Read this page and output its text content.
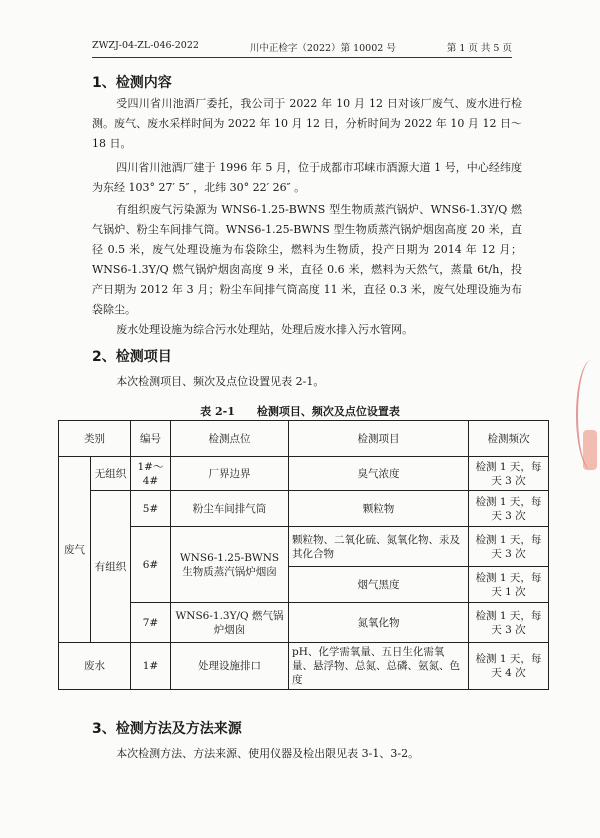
ZWZJ-04-ZL-046-2022	川中正检字（2022）第 10002 号	第 1 页 共 5 页
1、检测内容
受四川省川池酒厂委托，我公司于 2022 年 10 月 12 日对该厂废气、废水进行检测。废气、废水采样时间为 2022 年 10 月 12 日，分析时间为 2022 年 10 月 12 日～18 日。
四川省川池酒厂建于 1996 年 5 月，位于成都市邛崃市酒源大道 1 号，中心经纬度为东经 103° 27′ 5″ ，北纬 30° 22′ 26″ 。
有组织废气污染源为 WNS6-1.25-BWNS 型生物质蒸汽锅炉、WNS6-1.3Y/Q 燃气锅炉、粉尘车间排气筒。WNS6-1.25-BWNS 型生物质蒸汽锅炉烟囱高度 20 米，直径 0.5 米，废气处理设施为布袋除尘，燃料为生物质，投产日期为 2014 年 12 月；WNS6-1.3Y/Q 燃气锅炉烟囱高度 9 米，直径 0.6 米，燃料为天然气，蒸量 6t/h，投产日期为 2012 年 3 月；粉尘车间排气筒高度 11 米，直径 0.3 米，废气处理设施为布袋除尘。
废水处理设施为综合污水处理站，处理后废水排入污水管网。
2、检测项目
本次检测项目、频次及点位设置见表 2-1。
表 2-1　　检测项目、频次及点位设置表
类别		编号	检测点位	检测项目	检测频次
废气	无组织	1#～4#	厂界边界	臭气浓度	检测 1 天，每天 3 次
	有组织	5#	粉尘车间排气筒	颗粒物	检测 1 天，每天 3 次
		6#	WNS6-1.25-BWNS 生物质蒸汽锅炉烟囱	颗粒物、二氧化硫、氮氧化物、汞及其化合物	检测 1 天，每天 3 次
				烟气黑度	检测 1 天，每天 1 次
		7#	WNS6-1.3Y/Q 燃气锅炉烟囱	氮氧化物	检测 1 天，每天 3 次
废水		1#	处理设施排口	pH、化学需氧量、五日生化需氧量、悬浮物、总氮、总磷、氨氮、色度	检测 1 天，每天 4 次
3、检测方法及方法来源
本次检测方法、方法来源、使用仪器及检出限见表 3-1、3-2。
